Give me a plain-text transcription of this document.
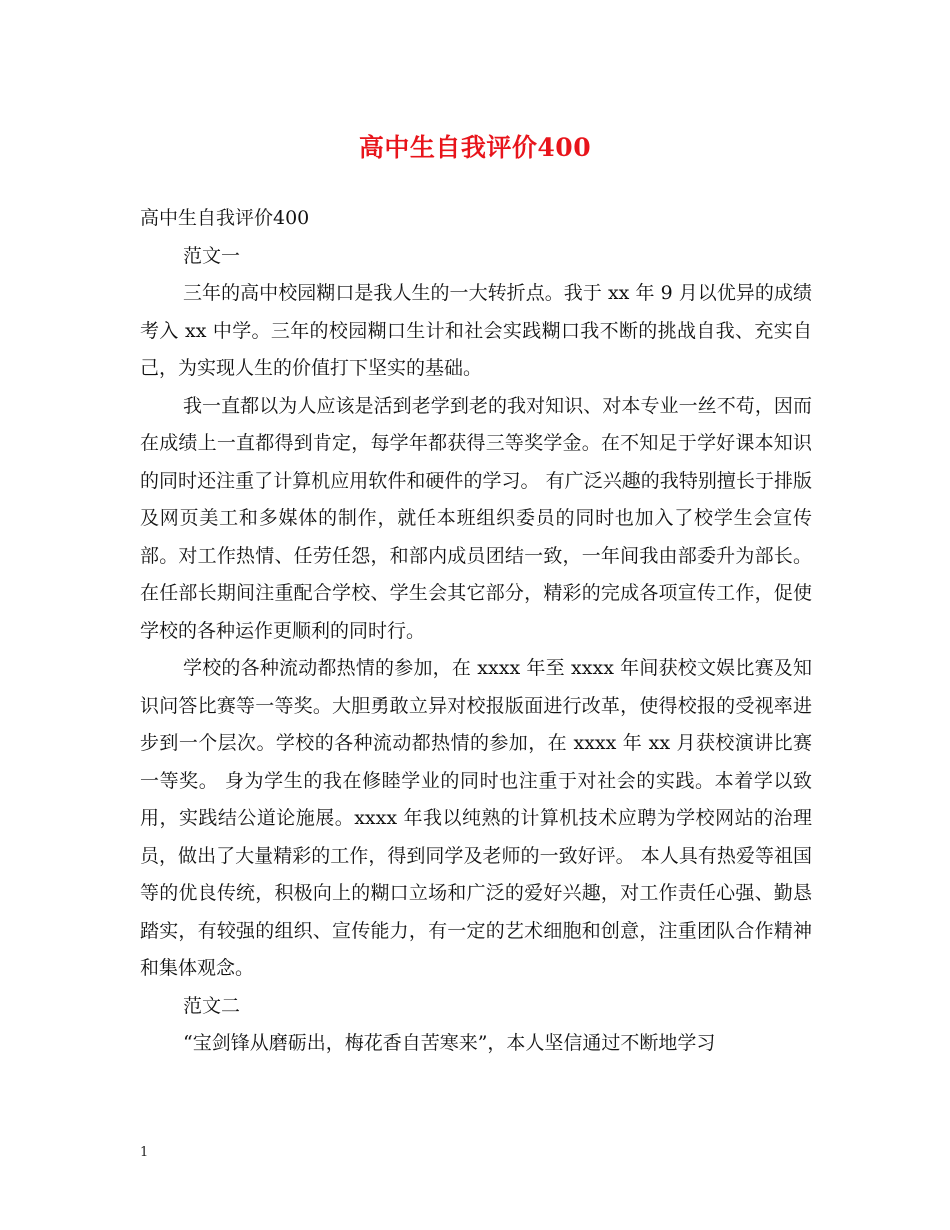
高中生自我评价400

高中生自我评价400

范文一

三年的高中校园糊口是我人生的一大转折点。我于 xx 年 9 月以优异的成绩考入 xx 中学。三年的校园糊口生计和社会实践糊口我不断的挑战自我、充实自己，为实现人生的价值打下坚实的基础。

我一直都以为人应该是活到老学到老的我对知识、对本专业一丝不苟，因而在成绩上一直都得到肯定，每学年都获得三等奖学金。在不知足于学好课本知识的同时还注重了计算机应用软件和硬件的学习。 有广泛兴趣的我特别擅长于排版及网页美工和多媒体的制作，就任本班组织委员的同时也加入了校学生会宣传部。对工作热情、任劳任怨，和部内成员团结一致，一年间我由部委升为部长。在任部长期间注重配合学校、学生会其它部分，精彩的完成各项宣传工作，促使学校的各种运作更顺利的同时行。

学校的各种流动都热情的参加，在 xxxx 年至 xxxx 年间获校文娱比赛及知识问答比赛等一等奖。大胆勇敢立异对校报版面进行改革，使得校报的受视率进步到一个层次。学校的各种流动都热情的参加，在 xxxx 年 xx 月获校演讲比赛一等奖。 身为学生的我在修睦学业的同时也注重于对社会的实践。本着学以致用，实践结公道论施展。xxxx 年我以纯熟的计算机技术应聘为学校网站的治理员，做出了大量精彩的工作，得到同学及老师的一致好评。 本人具有热爱等祖国等的优良传统，积极向上的糊口立场和广泛的爱好兴趣，对工作责任心强、勤恳踏实，有较强的组织、宣传能力，有一定的艺术细胞和创意，注重团队合作精神和集体观念。

范文二

“宝剑锋从磨砺出，梅花香自苦寒来”，本人坚信通过不断地学习

1
